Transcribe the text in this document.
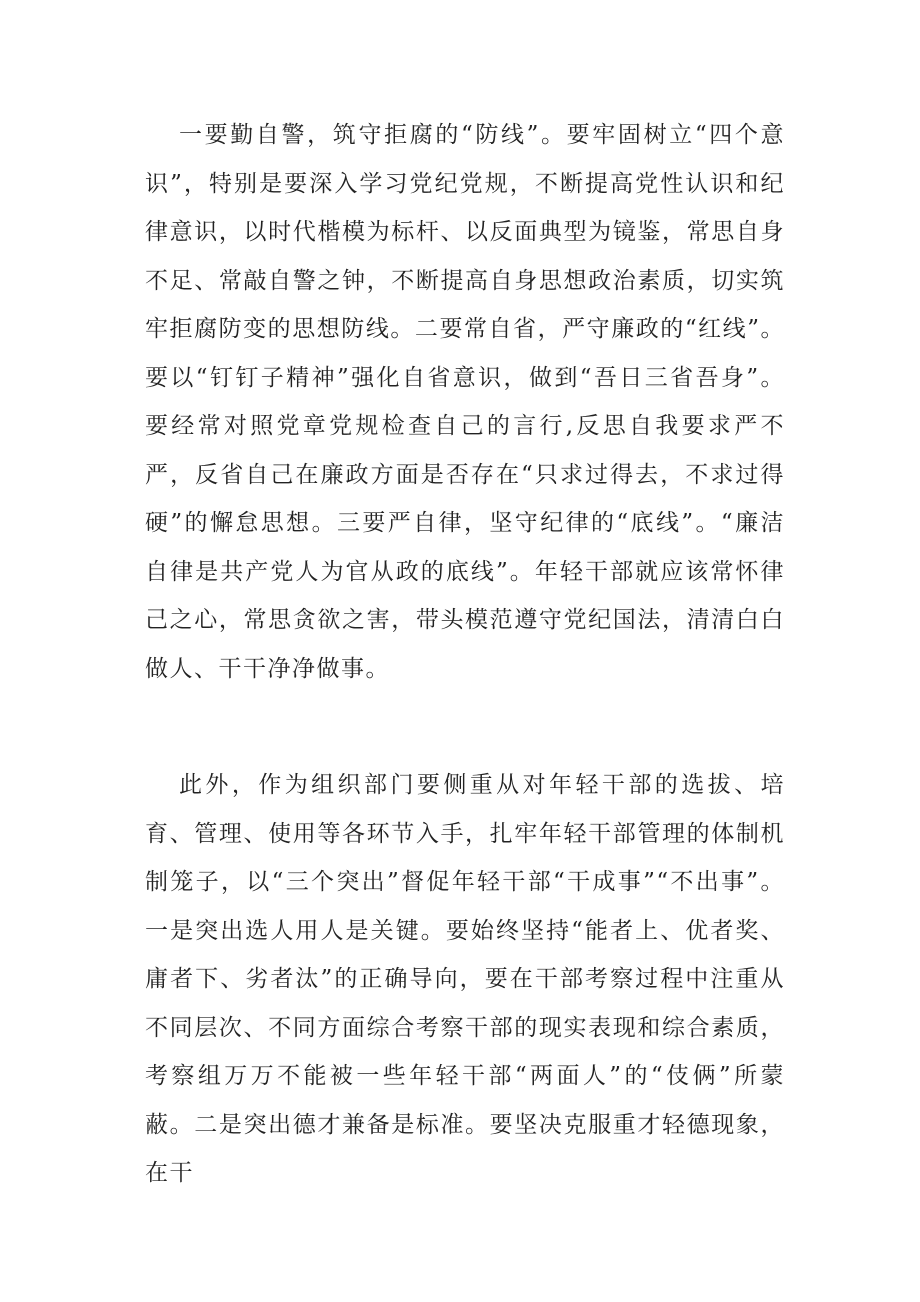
一要勤自警，筑守拒腐的“防线”。要牢固树立“四个意识”，特别是要深入学习党纪党规，不断提高党性认识和纪律意识，以时代楷模为标杆、以反面典型为镜鉴，常思自身不足、常敲自警之钟，不断提高自身思想政治素质，切实筑牢拒腐防变的思想防线。二要常自省，严守廉政的“红线”。要以“钉钉子精神”强化自省意识，做到“吾日三省吾身”。要经常对照党章党规检查自己的言行,反思自我要求严不严，反省自己在廉政方面是否存在“只求过得去，不求过得硬”的懈怠思想。三要严自律，坚守纪律的“底线”。“廉洁自律是共产党人为官从政的底线”。年轻干部就应该常怀律己之心，常思贪欲之害，带头模范遵守党纪国法，清清白白做人、干干净净做事。

此外，作为组织部门要侧重从对年轻干部的选拔、培育、管理、使用等各环节入手，扎牢年轻干部管理的体制机制笼子，以“三个突出”督促年轻干部“干成事”“不出事”。一是突出选人用人是关键。要始终坚持“能者上、优者奖、庸者下、劣者汰”的正确导向，要在干部考察过程中注重从不同层次、不同方面综合考察干部的现实表现和综合素质，考察组万万不能被一些年轻干部“两面人”的“伎俩”所蒙蔽。二是突出德才兼备是标准。要坚决克服重才轻德现象，在干
